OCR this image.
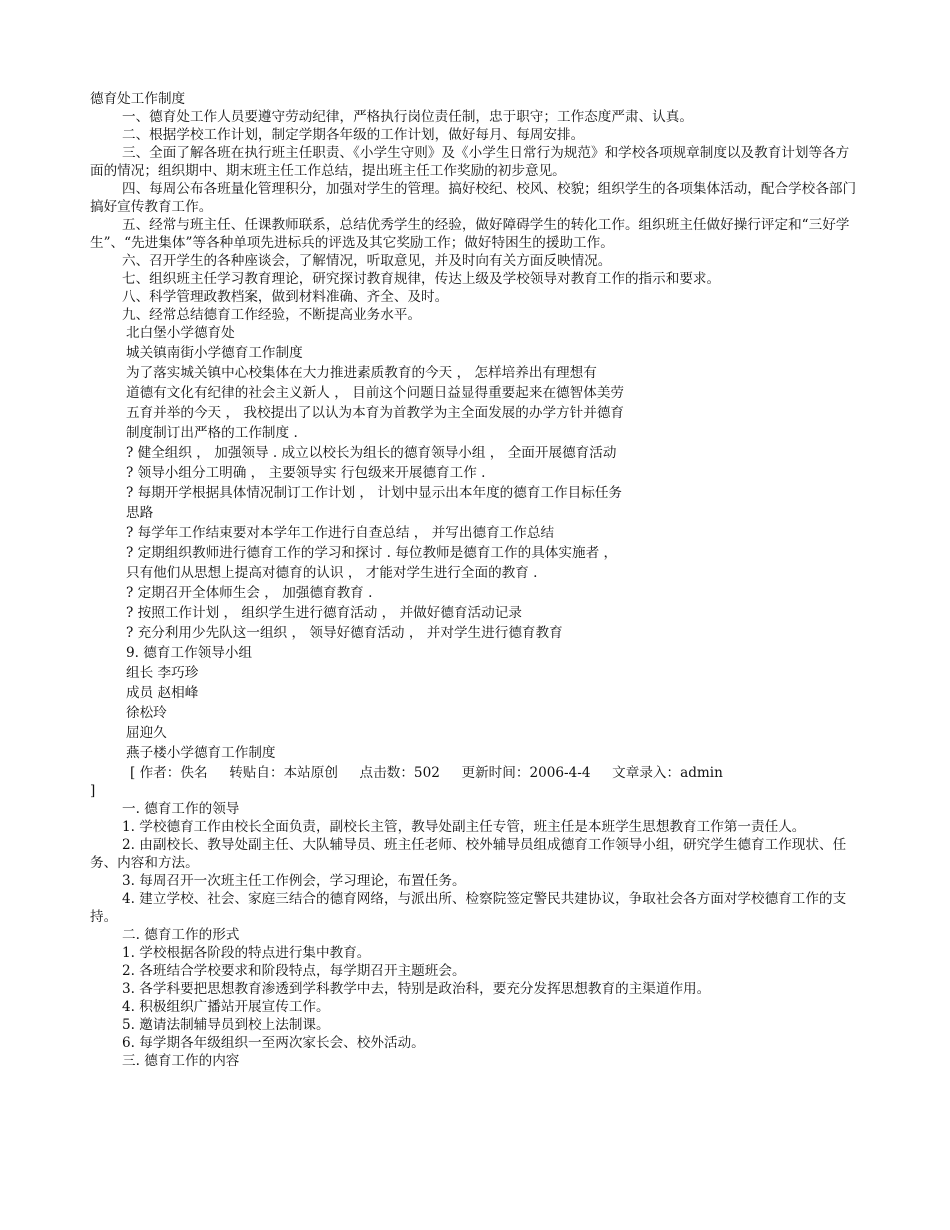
德育处工作制度

一、德育处工作人员要遵守劳动纪律，严格执行岗位责任制，忠于职守；工作态度严肃、认真。

二、根据学校工作计划，制定学期各年级的工作计划，做好每月、每周安排。

三、全面了解各班在执行班主任职责、《小学生守则》及《小学生日常行为规范》和学校各项规章制度以及教育计划等各方面的情况；组织期中、期末班主任工作总结，提出班主任工作奖励的初步意见。

四、每周公布各班量化管理积分，加强对学生的管理。搞好校纪、校风、校貌；组织学生的各项集体活动，配合学校各部门搞好宣传教育工作。

五、经常与班主任、任课教师联系，总结优秀学生的经验，做好障碍学生的转化工作。组织班主任做好操行评定和“三好学生”、“先进集体”等各种单项先进标兵的评选及其它奖励工作；做好特困生的援助工作。

六、召开学生的各种座谈会，了解情况，听取意见，并及时向有关方面反映情况。

七、组织班主任学习教育理论，研究探讨教育规律，传达上级及学校领导对教育工作的指示和要求。

八、科学管理政教档案，做到材料准确、齐全、及时。

九、经常总结德育工作经验，不断提高业务水平。

北白堡小学德育处

城关镇南街小学德育工作制度

为了落实城关镇中心校集体在大力推进素质教育的今天 ， 怎样培养出有理想有

道德有文化有纪律的社会主义新人 ， 目前这个问题日益显得重要起来在德智体美劳

五育并举的今天 ， 我校提出了以认为本育为首教学为主全面发展的办学方针并德育

制度制订出严格的工作制度 .

? 健全组织 ， 加强领导 . 成立以校长为组长的德育领导小组 ， 全面开展德育活动

? 领导小组分工明确 ， 主要领导实 行包级来开展德育工作 .

? 每期开学根据具体情况制订工作计划 ， 计划中显示出本年度的德育工作目标任务

思路

? 每学年工作结束要对本学年工作进行自查总结 ， 并写出德育工作总结

? 定期组织教师进行德育工作的学习和探讨 . 每位教师是德育工作的具体实施者 ，

只有他们从思想上提高对德育的认识 ， 才能对学生进行全面的教育 .

? 定期召开全体师生会 ， 加强德育教育 .

? 按照工作计划 ， 组织学生进行德育活动 ， 并做好德育活动记录

? 充分利用少先队这一组织 ， 领导好德育活动 ， 并对学生进行德育教育

9. 德育工作领导小组

组长 李巧珍

成员 赵相峰

徐松玲

屈迎久

燕子楼小学德育工作制度

[ 作者：佚名     转贴自：本站原创     点击数：502     更新时间：2006-4-4     文章录入：admin

]

一. 德育工作的领导

1. 学校德育工作由校长全面负责，副校长主管，教导处副主任专管，班主任是本班学生思想教育工作第一责任人。

2. 由副校长、教导处副主任、大队辅导员、班主任老师、校外辅导员组成德育工作领导小组，研究学生德育工作现状、任务、内容和方法。

3. 每周召开一次班主任工作例会，学习理论，布置任务。

4. 建立学校、社会、家庭三结合的德育网络，与派出所、检察院签定警民共建协议，争取社会各方面对学校德育工作的支持。

二. 德育工作的形式

1. 学校根据各阶段的特点进行集中教育。

2. 各班结合学校要求和阶段特点，每学期召开主题班会。

3. 各学科要把思想教育渗透到学科教学中去，特别是政治科，要充分发挥思想教育的主渠道作用。

4. 积极组织广播站开展宣传工作。

5. 邀请法制辅导员到校上法制课。

6. 每学期各年级组织一至两次家长会、校外活动。

三. 德育工作的内容
